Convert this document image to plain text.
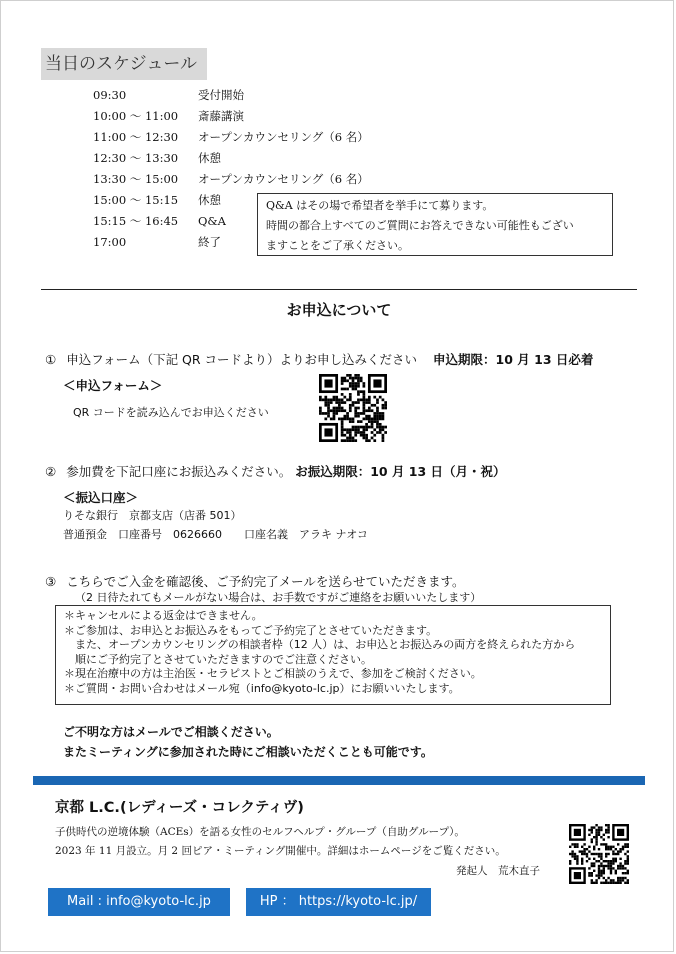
当日のスケジュール
09:30	受付開始
10:00 ～ 11:00 斎藤講演
11:00 ～ 12:30 オープンカウンセリング（6 名）
12:30 ～ 13:30 休憩
13:30 ～ 15:00 オープンカウンセリング（6 名）
15:00 ～ 15:15 休憩
15:15 ～ 16:45 Q&A
17:00	終了
Q&A はその場で希望者を挙手にて募ります。
時間の都合上すべてのご質問にお答えできない可能性もござい
ますことをご了承ください。
お申込について
① 申込フォーム（下記 QR コードより）よりお申し込みください 申込期限：10 月 13 日必着
＜申込フォーム＞
QR コードを読み込んでお申込ください
② 参加費を下記口座にお振込みください。 お振込期限：10 月 13 日（月・祝）
＜振込口座＞
りそな銀行　京都支店（店番 501）
普通預金　口座番号　0626660　　口座名義　アラキ ナオコ
③ こちらでご入金を確認後、ご予約完了メールを送らせていただきます。
（2 日待たれてもメールがない場合は、お手数ですがご連絡をお願いいたします）
＊キャンセルによる返金はできません。
＊ご参加は、お申込とお振込みをもってご予約完了とさせていただきます。
　また、オープンカウンセリングの相談者枠（12 人）は、お申込とお振込みの両方を終えられた方から
　順にご予約完了とさせていただきますのでご注意ください。
＊現在治療中の方は主治医・セラピストとご相談のうえで、参加をご検討ください。
＊ご質問・お問い合わせはメール宛（info@kyoto-lc.jp）にお願いいたします。
ご不明な方はメールでご相談ください。
またミーティングに参加された時にご相談いただくことも可能です。
京都 L.C.(レディーズ・コレクティヴ)
子供時代の逆境体験（ACEs）を語る女性のセルフヘルプ・グループ（自助グループ）。
2023 年 11 月設立。月 2 回ピア・ミーティング開催中。詳細はホームページをご覧ください。
発起人　荒木直子
Mail : info@kyoto-lc.jp	HP ： https://kyoto-lc.jp/
